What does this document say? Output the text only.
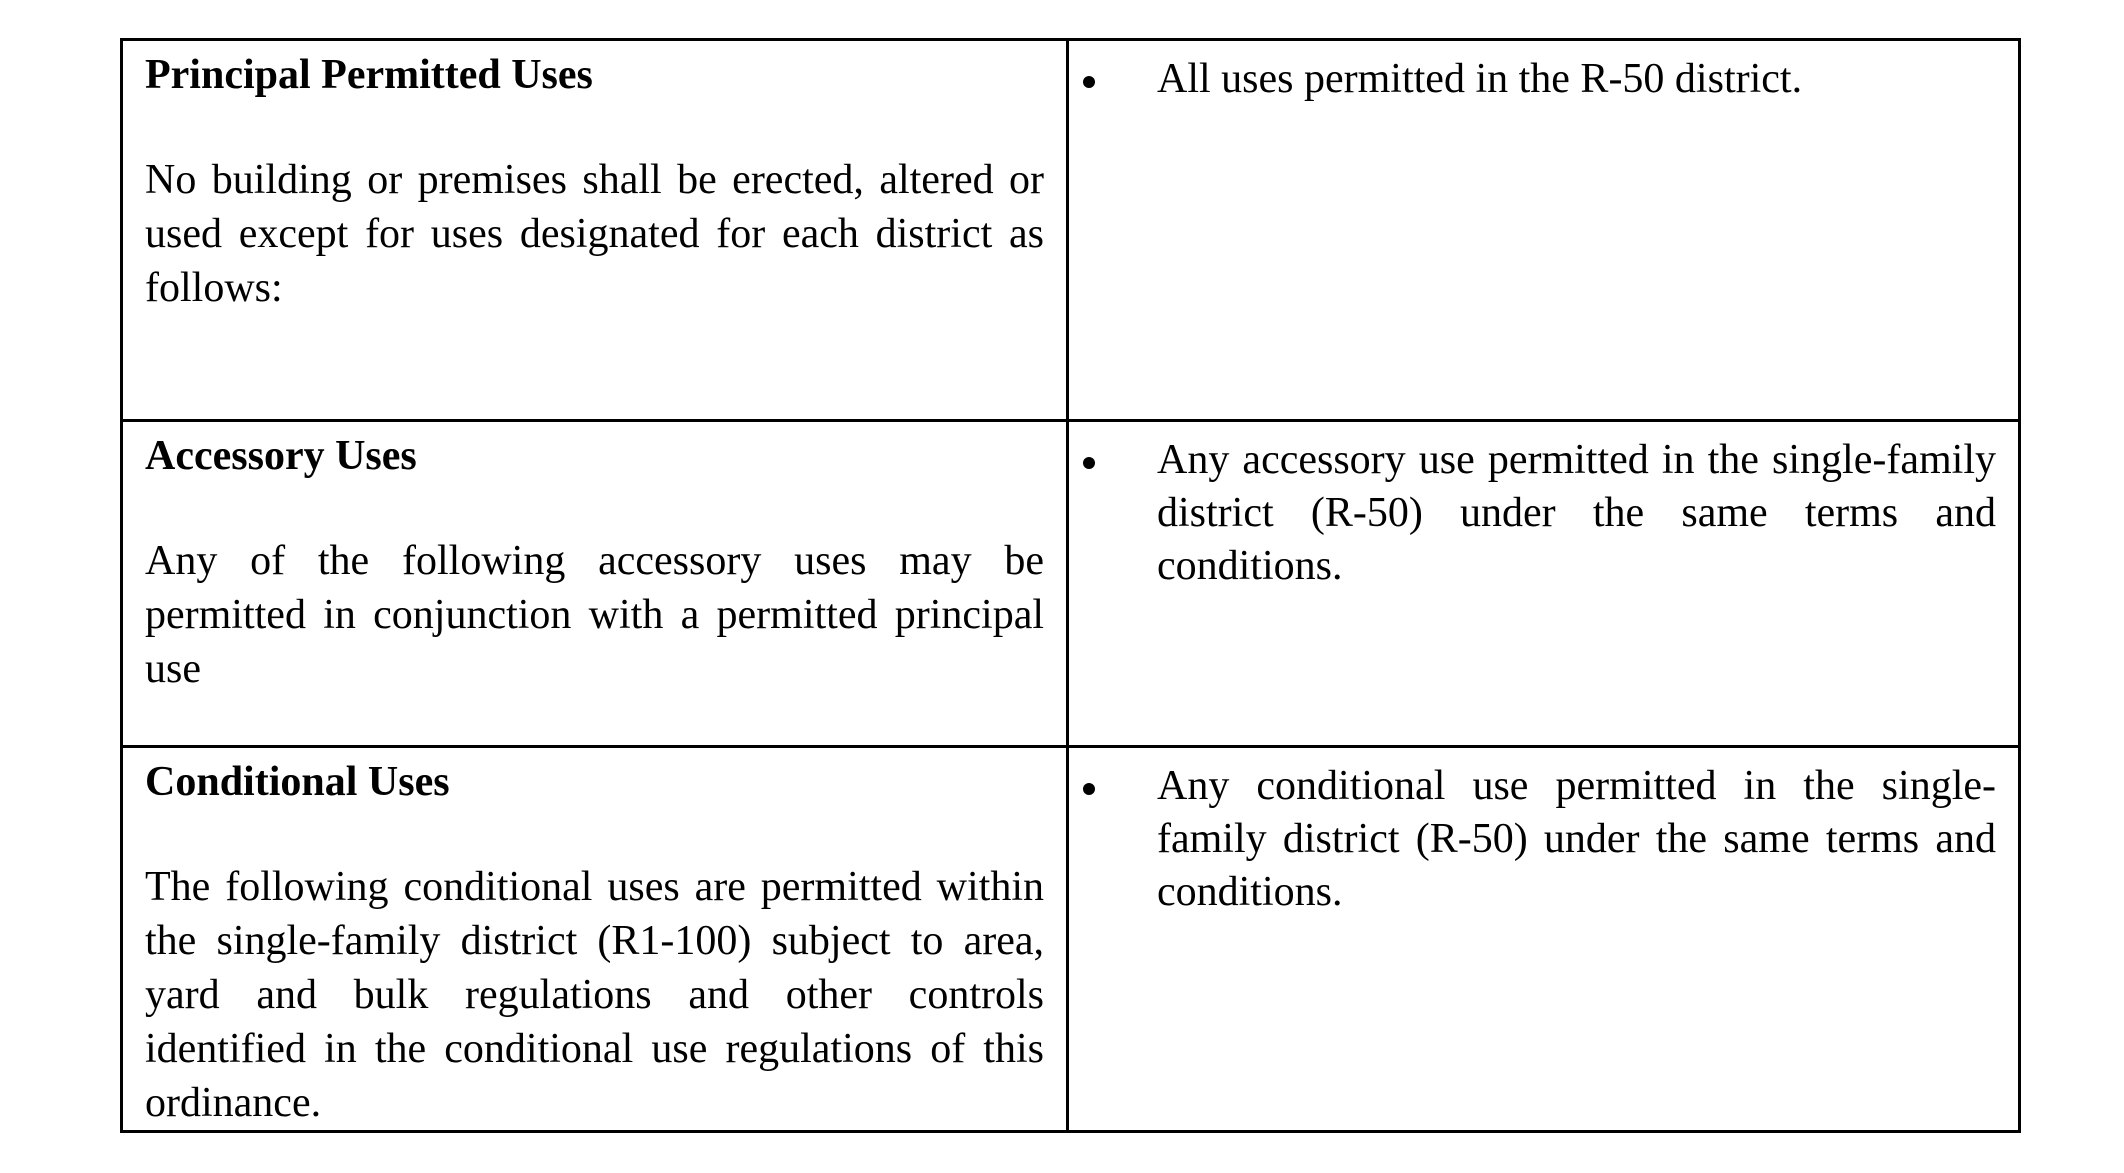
Principal Permitted Uses

No building or premises shall be erected, altered or used except for uses designated for each district as follows:	All uses permitted in the R-50 district.

Accessory Uses

Any of the following accessory uses may be permitted in conjunction with a permitted principal use	Any accessory use permitted in the single-family district (R-50) under the same terms and conditions.

Conditional Uses

The following conditional uses are permitted within the single-family district (R1-100) subject to area, yard and bulk regulations and other controls identified in the conditional use regulations of this ordinance.	Any conditional use permitted in the single-family district (R-50) under the same terms and conditions.
